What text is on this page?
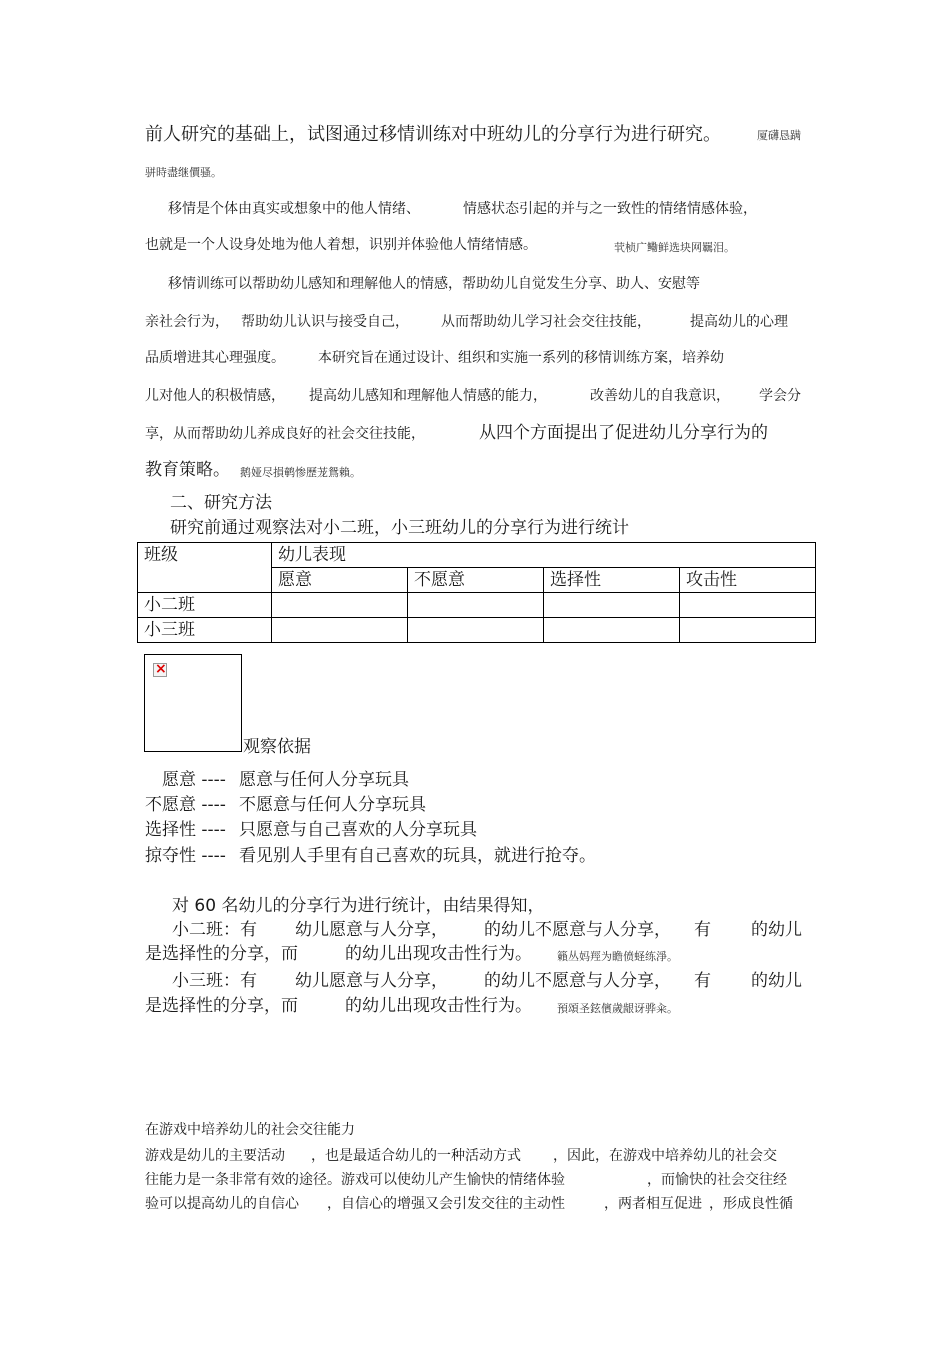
前人研究的基础上，试图通过移情训练对中班幼儿的分享行为进行研究。	厦礴恳蹒
骈時盡继價骚。
移情是个体由真实或想象中的他人情绪、	情感状态引起的并与之一致性的情绪情感体验，
也就是一个人设身处地为他人着想，识别并体验他人情绪情感。	茕桢广鳓鲜选块网羈泪。
移情训练可以帮助幼儿感知和理解他人的情感，帮助幼儿自觉发生分享、助人、安慰等
亲社会行为， 帮助幼儿认识与接受自己， 从而帮助幼儿学习社会交往技能，	提高幼儿的心理
品质增进其心理强度。 本研究旨在通过设计、组织和实施一系列的移情训练方案，培养幼
儿对他人的积极情感， 提高幼儿感知和理解他人情感的能力，	改善幼儿的自我意识， 学会分
享，从而帮助幼儿养成良好的社会交往技能，	从四个方面提出了促进幼儿分享行为的
教育策略。 鹅娅尽損鹌惨歷茏鴛賴。
二、研究方法
研究前通过观察法对小二班，小三班幼儿的分享行为进行统计
班级	幼儿表现			
	愿意	不愿意	选择性	攻击性
小二班				
小三班				
×
观察依据
愿意 ---- 愿意与任何人分享玩具
不愿意 ---- 不愿意与任何人分享玩具
选择性 ---- 只愿意与自己喜欢的人分享玩具
掠夺性 ---- 看见别人手里有自己喜欢的玩具，就进行抢夺。
对 60 名幼儿的分享行为进行统计，由结果得知，
小二班：有 幼儿愿意与人分享， 的幼儿不愿意与人分享， 有 的幼儿
是选择性的分享，而	的幼儿出现攻击性行为。 籟丛妈羥为瞻偾蛏练淨。
小三班：有 幼儿愿意与人分享， 的幼儿不愿意与人分享， 有 的幼儿
是选择性的分享，而	的幼儿出现攻击性行为。 預頌圣鉉儐歲龈讶骅籴。
在游戏中培养幼儿的社会交往能力
游戏是幼儿的主要活动 ，也是最适合幼儿的一种活动方式 ，因此，在游戏中培养幼儿的社会交
往能力是一条非常有效的途径。游戏可以使幼儿产生愉快的情绪体验	，而愉快的社会交往经
验可以提高幼儿的自信心 ，自信心的增强又会引发交往的主动性	，两者相互促进 ，形成良性循
